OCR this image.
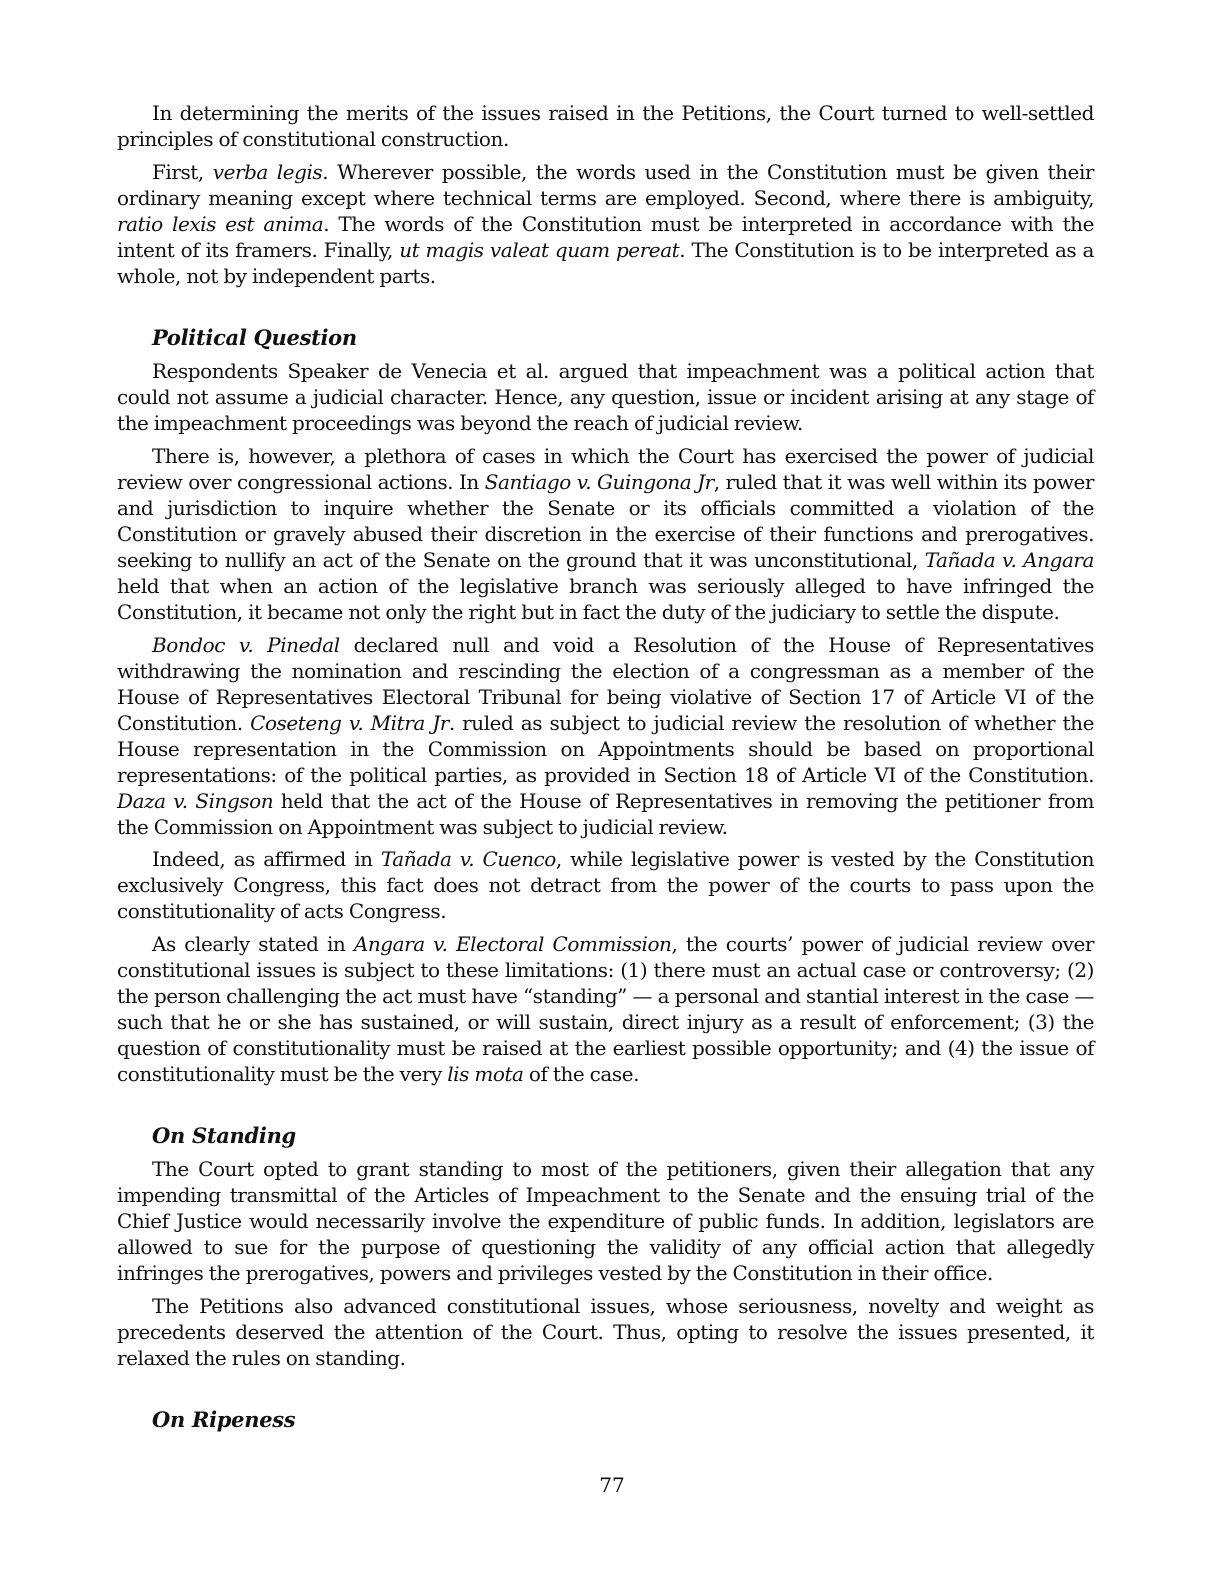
In determining the merits of the issues raised in the Petitions, the Court turned to well-settled principles of constitutional construction.

First, verba legis. Wherever possible, the words used in the Constitution must be given their ordinary meaning except where technical terms are employed. Second, where there is ambiguity, ratio lexis est anima. The words of the Constitution must be interpreted in accordance with the intent of its framers. Finally, ut magis valeat quam pereat. The Constitution is to be interpreted as a whole, not by independent parts.

Political Question

Respondents Speaker de Venecia et al. argued that impeachment was a political action that could not assume a judicial character. Hence, any question, issue or incident arising at any stage of the impeachment proceedings was beyond the reach of judicial review.

There is, however, a plethora of cases in which the Court has exercised the power of judicial review over congressional actions. In Santiago v. Guingona Jr, ruled that it was well within its power and jurisdiction to inquire whether the Senate or its officials committed a violation of the Constitution or gravely abused their discretion in the exercise of their functions and prerogatives. seeking to nullify an act of the Senate on the ground that it was unconstitutional, Tañada v. Angara held that when an action of the legislative branch was seriously alleged to have infringed the Constitution, it became not only the right but in fact the duty of the judiciary to settle the dispute.

Bondoc v. Pinedal declared null and void a Resolution of the House of Representatives withdrawing the nomination and rescinding the election of a congressman as a member of the House of Representatives Electoral Tribunal for being violative of Section 17 of Article VI of the Constitution. Coseteng v. Mitra Jr. ruled as subject to judicial review the resolution of whether the House representation in the Commission on Appointments should be based on proportional representations: of the political parties, as provided in Section 18 of Article VI of the Constitution. Daza v. Singson held that the act of the House of Representatives in removing the petitioner from the Commission on Appointment was subject to judicial review.

Indeed, as affirmed in Tañada v. Cuenco, while legislative power is vested by the Constitution exclusively Congress, this fact does not detract from the power of the courts to pass upon the constitutionality of acts Congress.

As clearly stated in Angara v. Electoral Commission, the courts’ power of judicial review over constitutional issues is subject to these limitations: (1) there must an actual case or controversy; (2) the person challenging the act must have “standing” — a personal and stantial interest in the case — such that he or she has sustained, or will sustain, direct injury as a result of enforcement; (3) the question of constitutionality must be raised at the earliest possible opportunity; and (4) the issue of constitutionality must be the very lis mota of the case.

On Standing

The Court opted to grant standing to most of the petitioners, given their allegation that any impending transmittal of the Articles of Impeachment to the Senate and the ensuing trial of the Chief Justice would necessarily involve the expenditure of public funds. In addition, legislators are allowed to sue for the purpose of questioning the validity of any official action that allegedly infringes the prerogatives, powers and privileges vested by the Constitution in their office.

The Petitions also advanced constitutional issues, whose seriousness, novelty and weight as precedents deserved the attention of the Court. Thus, opting to resolve the issues presented, it relaxed the rules on standing.

On Ripeness
77
